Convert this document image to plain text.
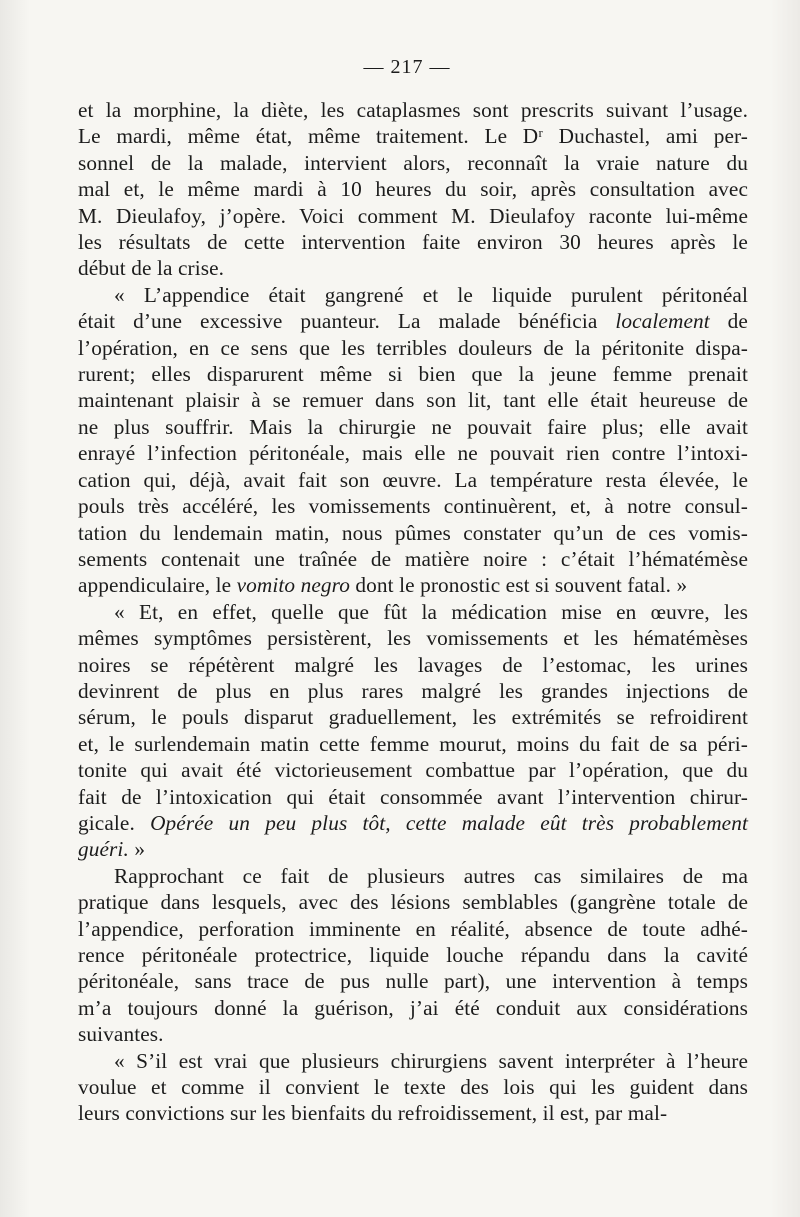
— 217 —
et la morphine, la diète, les cataplasmes sont prescrits suivant l’usage.
Le mardi, même état, même traitement. Le Dʳ Duchastel, ami per-
sonnel de la malade, intervient alors, reconnaît la vraie nature du
mal et, le même mardi à 10 heures du soir, après consultation avec
M. Dieulafoy, j’opère. Voici comment M. Dieulafoy raconte lui-même
les résultats de cette intervention faite environ 30 heures après le
début de la crise.
« L’appendice était gangrené et le liquide purulent péritonéal
était d’une excessive puanteur. La malade bénéficia localement de
l’opération, en ce sens que les terribles douleurs de la péritonite dispa-
rurent; elles disparurent même si bien que la jeune femme prenait
maintenant plaisir à se remuer dans son lit, tant elle était heureuse de
ne plus souffrir. Mais la chirurgie ne pouvait faire plus; elle avait
enrayé l’infection péritonéale, mais elle ne pouvait rien contre l’intoxi-
cation qui, déjà, avait fait son œuvre. La température resta élevée, le
pouls très accéléré, les vomissements continuèrent, et, à notre consul-
tation du lendemain matin, nous pûmes constater qu’un de ces vomis-
sements contenait une traînée de matière noire : c’était l’hématémèse
appendiculaire, le vomito negro dont le pronostic est si souvent fatal. »
« Et, en effet, quelle que fût la médication mise en œuvre, les
mêmes symptômes persistèrent, les vomissements et les hématémèses
noires se répétèrent malgré les lavages de l’estomac, les urines
devinrent de plus en plus rares malgré les grandes injections de
sérum, le pouls disparut graduellement, les extrémités se refroidirent
et, le surlendemain matin cette femme mourut, moins du fait de sa péri-
tonite qui avait été victorieusement combattue par l’opération, que du
fait de l’intoxication qui était consommée avant l’intervention chirur-
gicale. Opérée un peu plus tôt, cette malade eût très probablement
guéri. »
Rapprochant ce fait de plusieurs autres cas similaires de ma
pratique dans lesquels, avec des lésions semblables (gangrène totale de
l’appendice, perforation imminente en réalité, absence de toute adhé-
rence péritonéale protectrice, liquide louche répandu dans la cavité
péritonéale, sans trace de pus nulle part), une intervention à temps
m’a toujours donné la guérison, j’ai été conduit aux considérations
suivantes.
« S’il est vrai que plusieurs chirurgiens savent interpréter à l’heure
voulue et comme il convient le texte des lois qui les guident dans
leurs convictions sur les bienfaits du refroidissement, il est, par mal-
